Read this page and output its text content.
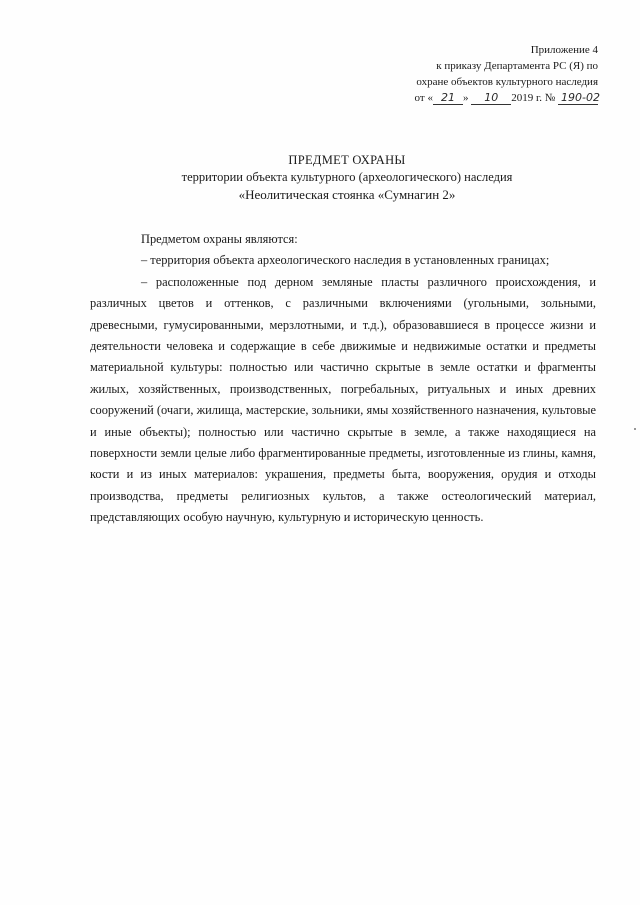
Приложение 4
к приказу Департамента РС (Я) по
охране объектов культурного наследия
от « 21 » 10 2019 г. № 190-02
ПРЕДМЕТ ОХРАНЫ
территории объекта культурного (археологического) наследия
«Неолитическая стоянка «Сумнагин 2»

Предметом охраны являются:

– территория объекта археологического наследия в установленных границах;

– расположенные под дерном земляные пласты различного происхождения, и различных цветов и оттенков, с различными включениями (угольными, зольными, древесными, гумусированными, мерзлотными, и т.д.), образовавшиеся в процессе жизни и деятельности человека и содержащие в себе движимые и недвижимые остатки и предметы материальной культуры: полностью или частично скрытые в земле остатки и фрагменты жилых, хозяйственных, производственных, погребальных, ритуальных и иных древних сооружений (очаги, жилища, мастерские, зольники, ямы хозяйственного назначения, культовые и иные объекты); полностью или частично скрытые в земле, а также находящиеся на поверхности земли целые либо фрагментированные предметы, изготовленные из глины, камня, кости и из иных материалов: украшения, предметы быта, вооружения, орудия и отходы производства, предметы религиозных культов, а также остеологический материал, представляющих особую научную, культурную и историческую ценность.
